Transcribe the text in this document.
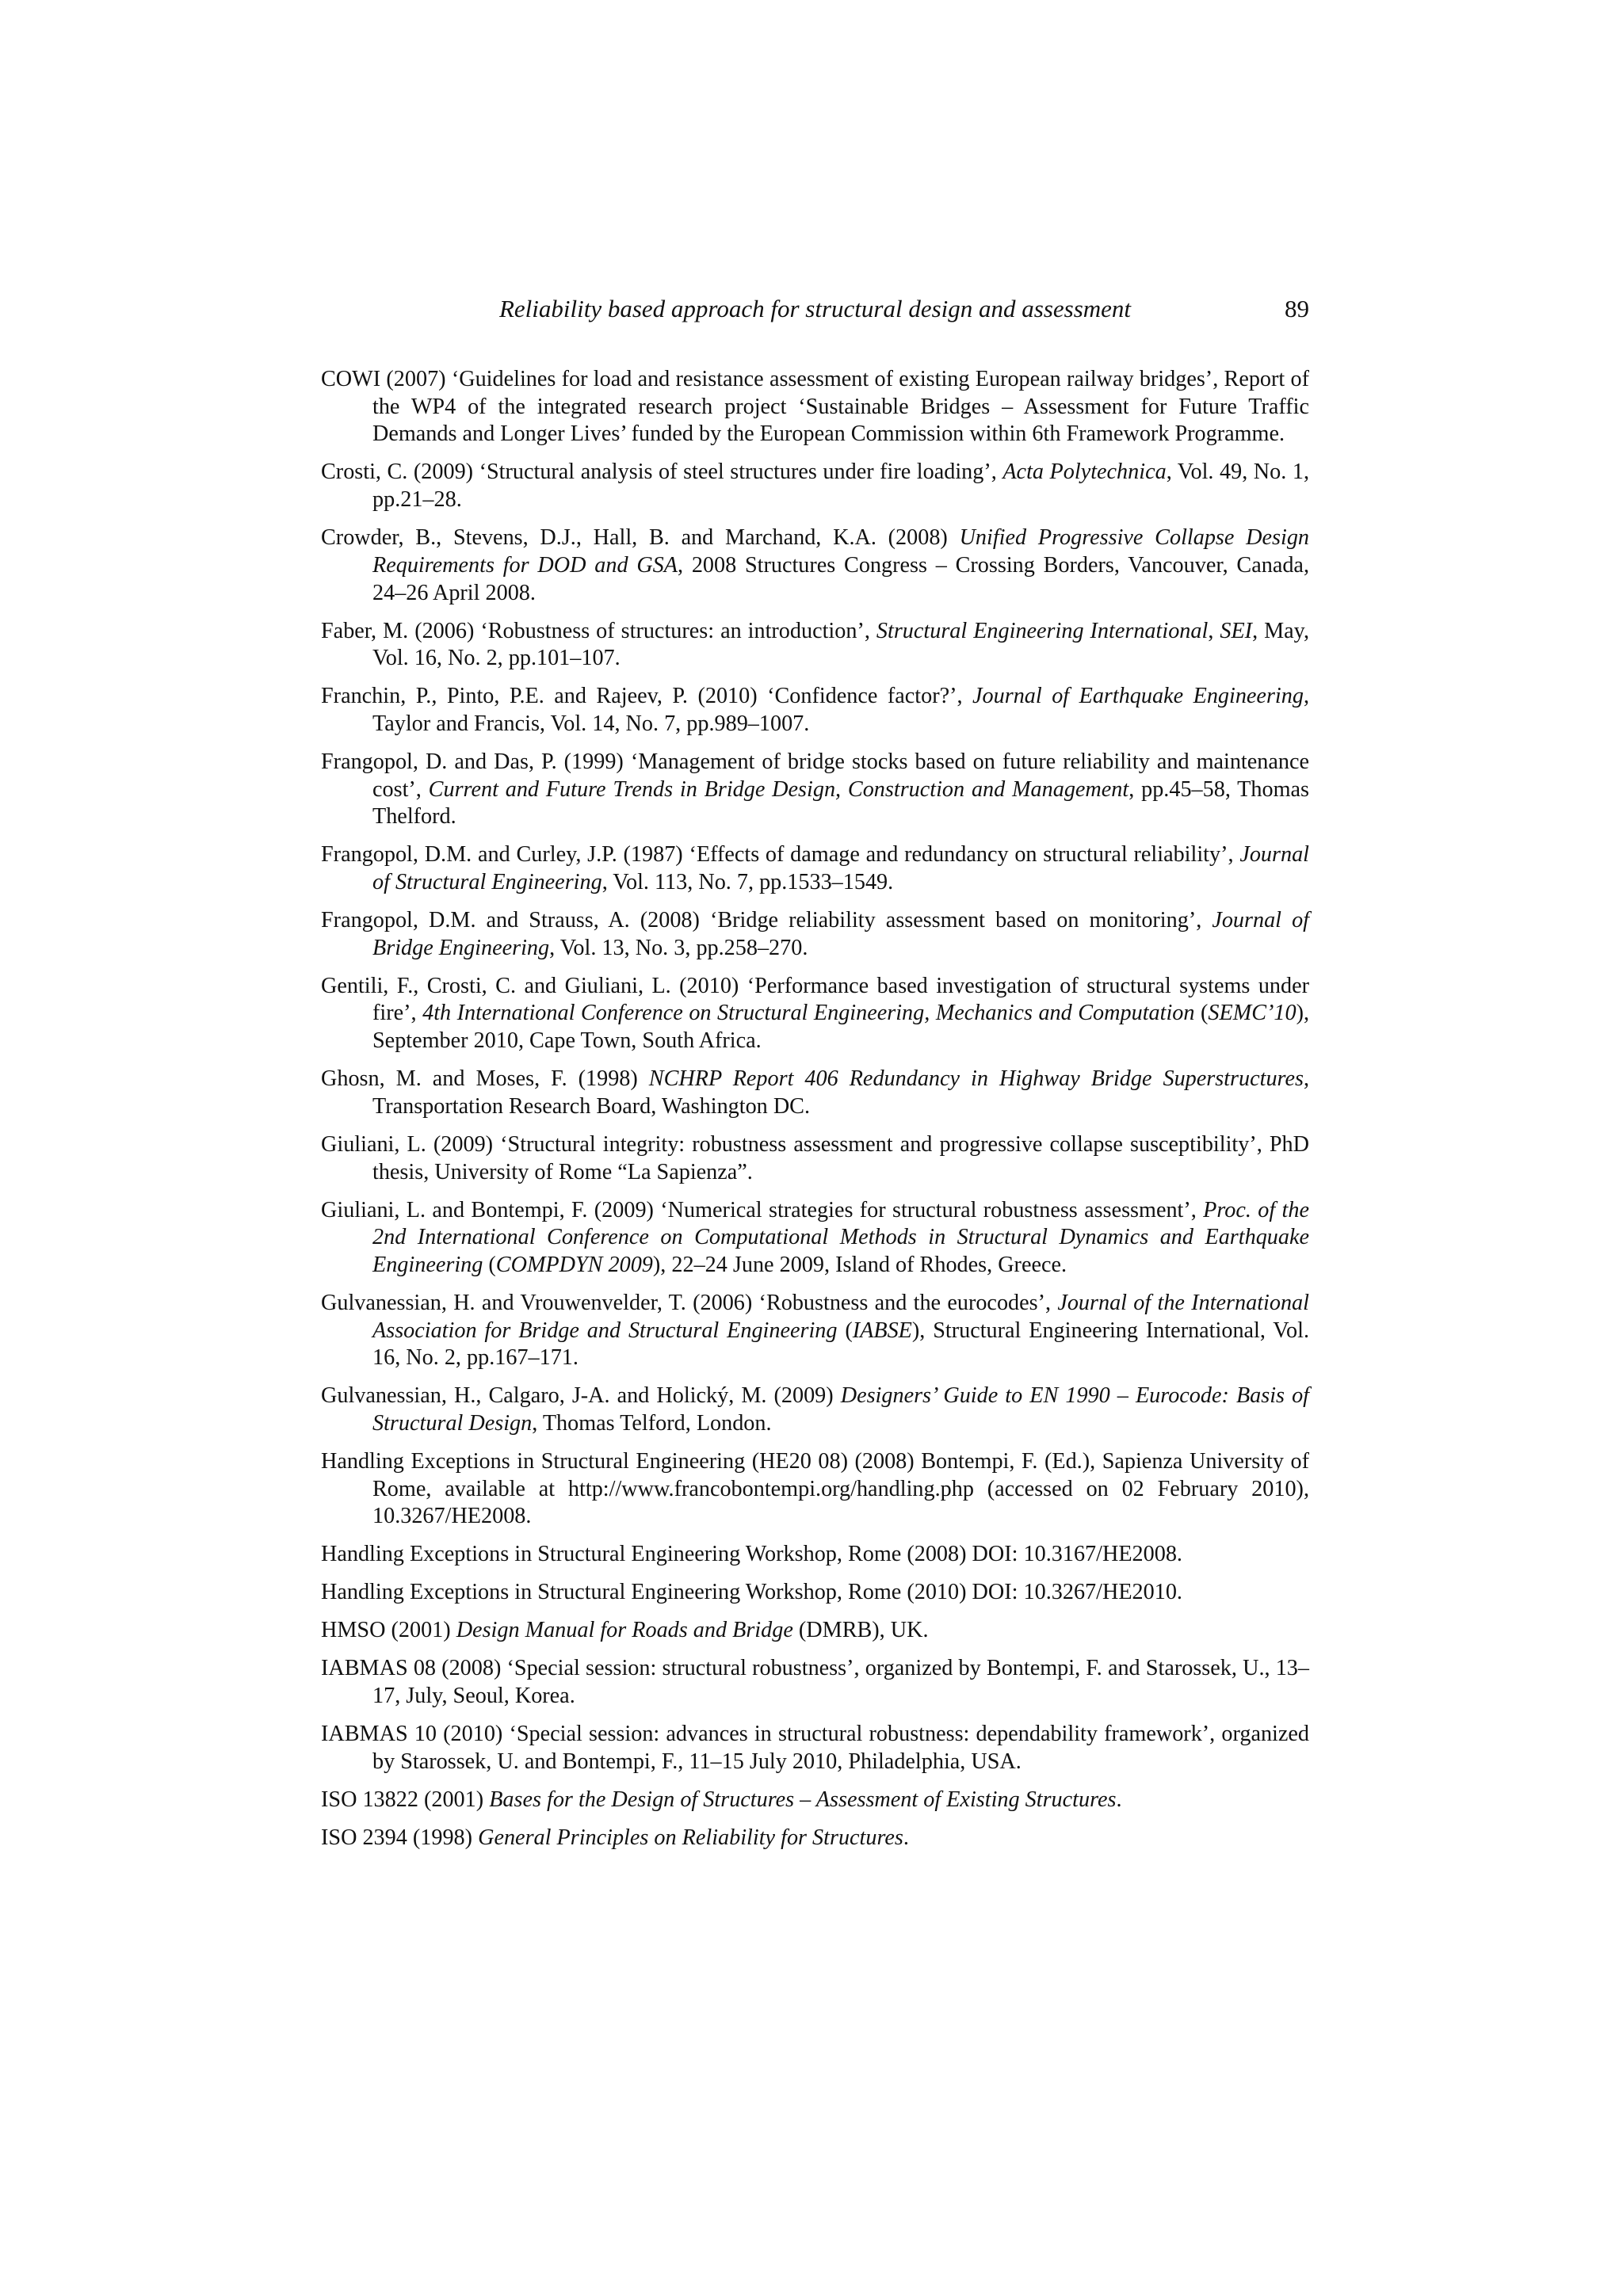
Reliability based approach for structural design and assessment	89
COWI (2007) ‘Guidelines for load and resistance assessment of existing European railway bridges’, Report of the WP4 of the integrated research project ‘Sustainable Bridges – Assessment for Future Traffic Demands and Longer Lives’ funded by the European Commission within 6th Framework Programme.
Crosti, C. (2009) ‘Structural analysis of steel structures under fire loading’, Acta Polytechnica, Vol. 49, No. 1, pp.21–28.
Crowder, B., Stevens, D.J., Hall, B. and Marchand, K.A. (2008) Unified Progressive Collapse Design Requirements for DOD and GSA, 2008 Structures Congress – Crossing Borders, Vancouver, Canada, 24–26 April 2008.
Faber, M. (2006) ‘Robustness of structures: an introduction’, Structural Engineering International, SEI, May, Vol. 16, No. 2, pp.101–107.
Franchin, P., Pinto, P.E. and Rajeev, P. (2010) ‘Confidence factor?’, Journal of Earthquake Engineering, Taylor and Francis, Vol. 14, No. 7, pp.989–1007.
Frangopol, D. and Das, P. (1999) ‘Management of bridge stocks based on future reliability and maintenance cost’, Current and Future Trends in Bridge Design, Construction and Management, pp.45–58, Thomas Thelford.
Frangopol, D.M. and Curley, J.P. (1987) ‘Effects of damage and redundancy on structural reliability’, Journal of Structural Engineering, Vol. 113, No. 7, pp.1533–1549.
Frangopol, D.M. and Strauss, A. (2008) ‘Bridge reliability assessment based on monitoring’, Journal of Bridge Engineering, Vol. 13, No. 3, pp.258–270.
Gentili, F., Crosti, C. and Giuliani, L. (2010) ‘Performance based investigation of structural systems under fire’, 4th International Conference on Structural Engineering, Mechanics and Computation (SEMC’10), September 2010, Cape Town, South Africa.
Ghosn, M. and Moses, F. (1998) NCHRP Report 406 Redundancy in Highway Bridge Superstructures, Transportation Research Board, Washington DC.
Giuliani, L. (2009) ‘Structural integrity: robustness assessment and progressive collapse susceptibility’, PhD thesis, University of Rome “La Sapienza”.
Giuliani, L. and Bontempi, F. (2009) ‘Numerical strategies for structural robustness assessment’, Proc. of the 2nd International Conference on Computational Methods in Structural Dynamics and Earthquake Engineering (COMPDYN 2009), 22–24 June 2009, Island of Rhodes, Greece.
Gulvanessian, H. and Vrouwenvelder, T. (2006) ‘Robustness and the eurocodes’, Journal of the International Association for Bridge and Structural Engineering (IABSE), Structural Engineering International, Vol. 16, No. 2, pp.167–171.
Gulvanessian, H., Calgaro, J-A. and Holický, M. (2009) Designers’ Guide to EN 1990 – Eurocode: Basis of Structural Design, Thomas Telford, London.
Handling Exceptions in Structural Engineering (HE20 08) (2008) Bontempi, F. (Ed.), Sapienza University of Rome, available at http://www.francobontempi.org/handling.php (accessed on 02 February 2010), 10.3267/HE2008.
Handling Exceptions in Structural Engineering Workshop, Rome (2008) DOI: 10.3167/HE2008.
Handling Exceptions in Structural Engineering Workshop, Rome (2010) DOI: 10.3267/HE2010.
HMSO (2001) Design Manual for Roads and Bridge (DMRB), UK.
IABMAS 08 (2008) ‘Special session: structural robustness’, organized by Bontempi, F. and Starossek, U., 13–17, July, Seoul, Korea.
IABMAS 10 (2010) ‘Special session: advances in structural robustness: dependability framework’, organized by Starossek, U. and Bontempi, F., 11–15 July 2010, Philadelphia, USA.
ISO 13822 (2001) Bases for the Design of Structures – Assessment of Existing Structures.
ISO 2394 (1998) General Principles on Reliability for Structures.
